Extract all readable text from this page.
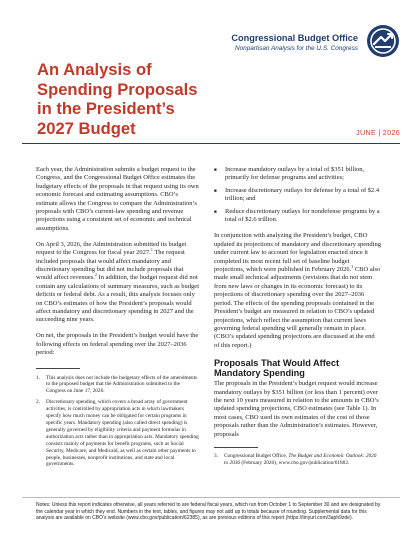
Congressional Budget Office
Nonpartisan Analysis for the U.S. Congress
An Analysis of
Spending Proposals
in the President’s
2027 Budget	JUNE | 2026

Each year, the Administration submits a budget request to the Congress, and the Congressional Budget Office estimates the budgetary effects of the proposals in that request using its own economic forecast and estimating assumptions. CBO’s estimate allows the Congress to compare the Administration’s proposals with CBO’s current-law spending and revenue projections using a consistent set of economic and technical assumptions.

On April 3, 2026, the Administration submitted its budget request to the Congress for fiscal year 2027.$^1$ The request included proposals that would affect mandatory and discretionary spending but did not include proposals that would affect revenues.$^2$ In addition, the budget request did not contain any calculations of summary measures, such as budget deficits or federal debt. As a result, this analysis focuses only on CBO’s estimates of how the President’s proposals would affect mandatory and discretionary spending in 2027 and the succeeding nine years.

On net, the proposals in the President’s budget would have the following effects on federal spending over the 2027–2036 period:

1.	This analysis does not include the budgetary effects of the amendments to the proposed budget that the Administration submitted to the Congress on June 17, 2026.
2.	Discretionary spending, which covers a broad array of government activities, is controlled by appropriation acts in which lawmakers specify how much money can be obligated for certain programs in specific years. Mandatory spending (also called direct spending) is generally governed by eligibility criteria and payment formulas in authorization acts rather than in appropriation acts. Mandatory spending consists mainly of payments for benefit programs, such as Social Security, Medicare, and Medicaid, as well as certain other payments to people, businesses, nonprofit institutions, and state and local governments.
■ Increase mandatory outlays by a total of $351 billion, primarily for defense programs and activities;
■ Increase discretionary outlays for defense by a total of $2.4 trillion; and
■ Reduce discretionary outlays for nondefense programs by a total of $2.6 trillion.

In conjunction with analyzing the President’s budget, CBO updated its projections of mandatory and discretionary spending under current law to account for legislation enacted since it completed its most recent full set of baseline budget projections, which were published in February 2026.$^3$ CBO also made small technical adjustments (revisions that do not stem from new laws or changes in its economic forecast) to its projections of discretionary spending over the 2027–2036 period. The effects of the spending proposals contained in the President’s budget are measured in relation to CBO’s updated projections, which reflect the assumption that current laws governing federal spending will generally remain in place. (CBO’s updated spending projections are discussed at the end of this report.)

Proposals That Would Affect
Mandatory Spending

The proposals in the President’s budget request would increase mandatory outlays by $351 billion (or less than 1 percent) over the next 10 years measured in relation to the amounts in CBO’s updated spending projections, CBO estimates (see Table 1). In most cases, CBO used its own estimates of the cost of those proposals rather than the Administration’s estimates. However, proposals

3.	Congressional Budget Office, The Budget and Economic Outlook: 2026 to 2036 (February 2026), www.cbo.gov/publication/61882.
Notes: Unless this report indicates otherwise, all years referred to are federal fiscal years, which run from October 1 to September 30 and are designated by the calendar year in which they end. Numbers in the text, tables, and figures may not add up to totals because of rounding. Supplemental data for this analysis are available on CBO’s website (www.cbo.gov/publication/62385), as are previous editions of this report (https://tinyurl.com/3aph9zde).
